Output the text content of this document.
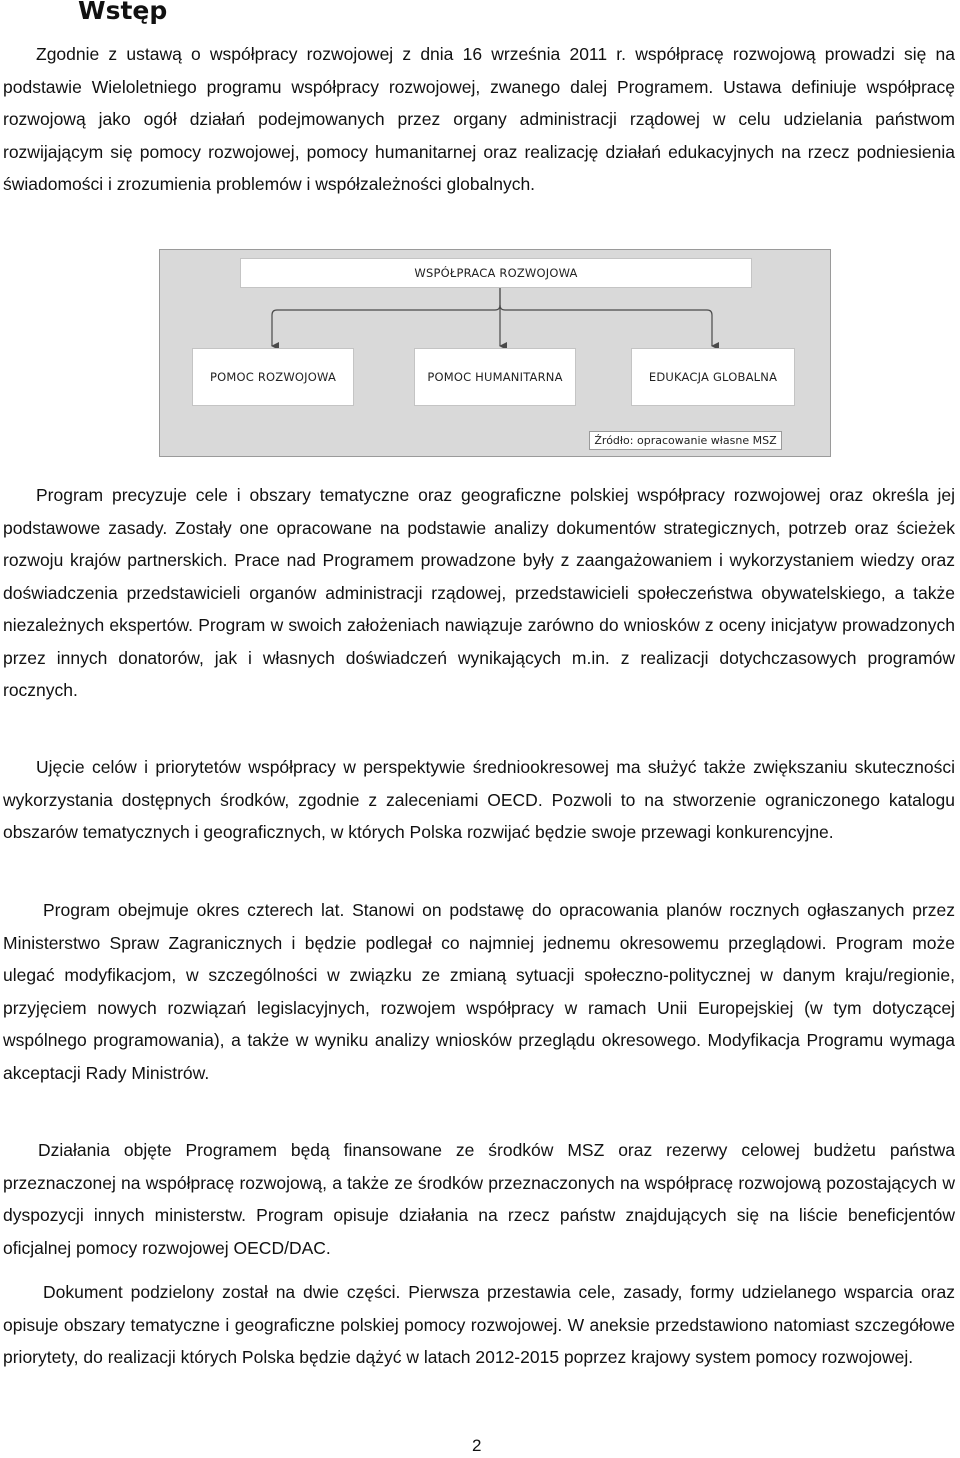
Wstęp

Zgodnie z ustawą o współpracy rozwojowej z dnia 16 września 2011 r. współpracę rozwojową prowadzi się na podstawie Wieloletniego programu współpracy rozwojowej, zwanego dalej Programem. Ustawa definiuje współpracę rozwojową jako ogół działań podejmowanych przez organy administracji rządowej w celu udzielania państwom rozwijającym się pomocy rozwojowej, pomocy humanitarnej oraz realizację działań edukacyjnych na rzecz podniesienia świadomości i zrozumienia problemów i współzależności globalnych.

WSPÓŁPRACA ROZWOJOWA
POMOC ROZWOJOWA	POMOC HUMANITARNA	EDUKACJA GLOBALNA
Źródło: opracowanie własne MSZ

Program precyzuje cele i obszary tematyczne oraz geograficzne polskiej współpracy rozwojowej oraz określa jej podstawowe zasady. Zostały one opracowane na podstawie analizy dokumentów strategicznych, potrzeb oraz ścieżek rozwoju krajów partnerskich. Prace nad Programem prowadzone były z zaangażowaniem i wykorzystaniem wiedzy oraz doświadczenia przedstawicieli organów administracji rządowej, przedstawicieli społeczeństwa obywatelskiego, a także niezależnych ekspertów. Program w swoich założeniach nawiązuje zarówno do wniosków z oceny inicjatyw prowadzonych przez innych donatorów, jak i własnych doświadczeń wynikających m.in. z realizacji dotychczasowych programów rocznych.

Ujęcie celów i priorytetów współpracy w perspektywie średniookresowej ma służyć także zwiększaniu skuteczności wykorzystania dostępnych środków, zgodnie z zaleceniami OECD. Pozwoli to na stworzenie ograniczonego katalogu obszarów tematycznych i geograficznych, w których Polska rozwijać będzie swoje przewagi konkurencyjne.

Program obejmuje okres czterech lat. Stanowi on podstawę do opracowania planów rocznych ogłaszanych przez Ministerstwo Spraw Zagranicznych i będzie podlegał co najmniej jednemu okresowemu przeglądowi. Program może ulegać modyfikacjom, w szczególności w związku ze zmianą sytuacji społeczno-politycznej w danym kraju/regionie, przyjęciem nowych rozwiązań legislacyjnych, rozwojem współpracy w ramach Unii Europejskiej (w tym dotyczącej wspólnego programowania), a także w wyniku analizy wniosków przeglądu okresowego. Modyfikacja Programu wymaga akceptacji Rady Ministrów.

Działania objęte Programem będą finansowane ze środków MSZ oraz rezerwy celowej budżetu państwa przeznaczonej na współpracę rozwojową, a także ze środków przeznaczonych na współpracę rozwojową pozostających w dyspozycji innych ministerstw. Program opisuje działania na rzecz państw znajdujących się na liście beneficjentów oficjalnej pomocy rozwojowej OECD/DAC.

Dokument podzielony został na dwie części. Pierwsza przestawia cele, zasady, formy udzielanego wsparcia oraz opisuje obszary tematyczne i geograficzne polskiej pomocy rozwojowej. W aneksie przedstawiono natomiast szczegółowe priorytety, do realizacji których Polska będzie dążyć w latach 2012-2015 poprzez krajowy system pomocy rozwojowej.

2
